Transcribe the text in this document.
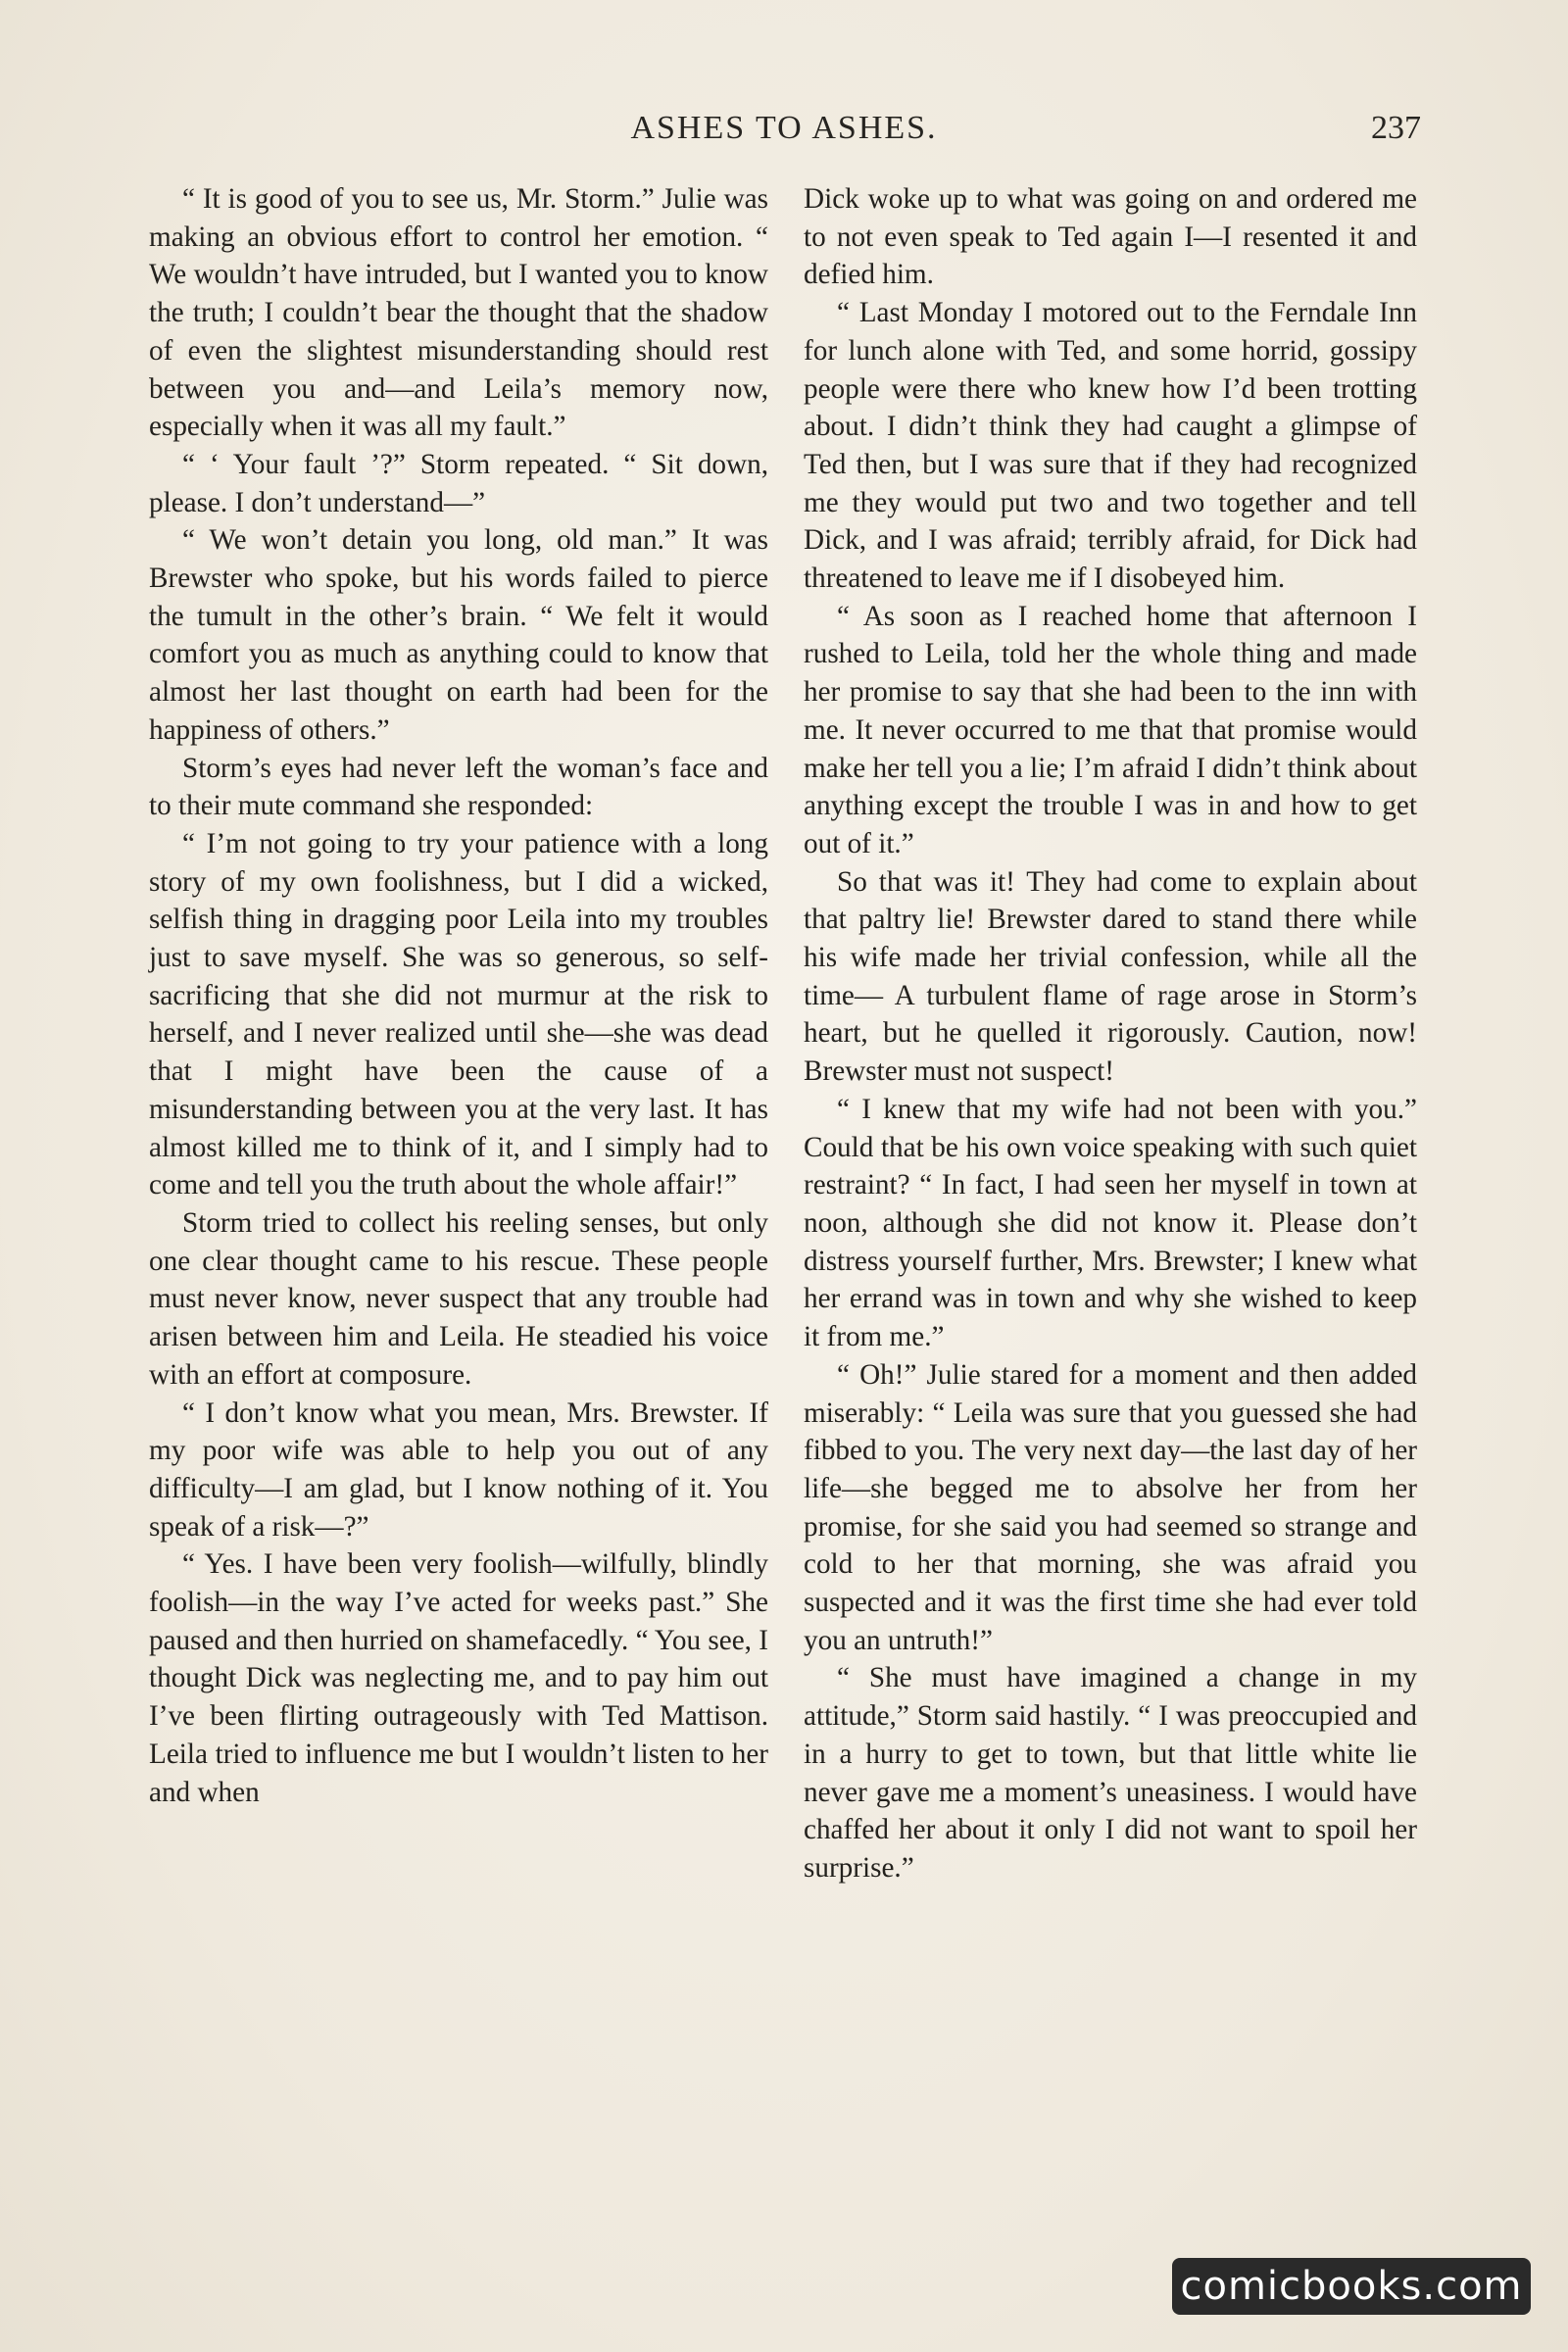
ASHES TO ASHES.	237

“ It is good of you to see us, Mr. Storm.” Julie was making an obvious effort to control her emotion. “ We wouldn’t have intruded, but I wanted you to know the truth; I couldn’t bear the thought that the shadow of even the slightest misunderstanding should rest between you and—and Leila’s memory now, especially when it was all my fault.”

“ ‘ Your fault ’?” Storm repeated. “ Sit down, please. I don’t understand—”

“ We won’t detain you long, old man.” It was Brewster who spoke, but his words failed to pierce the tumult in the other’s brain. “ We felt it would comfort you as much as anything could to know that almost her last thought on earth had been for the happiness of others.”

Storm’s eyes had never left the woman’s face and to their mute command she responded:

“ I’m not going to try your patience with a long story of my own foolishness, but I did a wicked, selfish thing in dragging poor Leila into my troubles just to save myself. She was so generous, so self-sacrificing that she did not murmur at the risk to herself, and I never realized until she—she was dead that I might have been the cause of a misunderstanding between you at the very last. It has almost killed me to think of it, and I simply had to come and tell you the truth about the whole affair!”

Storm tried to collect his reeling senses, but only one clear thought came to his rescue. These people must never know, never suspect that any trouble had arisen between him and Leila. He steadied his voice with an effort at composure.

“ I don’t know what you mean, Mrs. Brewster. If my poor wife was able to help you out of any difficulty—I am glad, but I know nothing of it. You speak of a risk—?”

“ Yes. I have been very foolish—wilfully, blindly foolish—in the way I’ve acted for weeks past.” She paused and then hurried on shamefacedly. “ You see, I thought Dick was neglecting me, and to pay him out I’ve been flirting outrageously with Ted Mattison. Leila tried to influence me but I wouldn’t listen to her and when

Dick woke up to what was going on and ordered me to not even speak to Ted again I—I resented it and defied him.

“ Last Monday I motored out to the Ferndale Inn for lunch alone with Ted, and some horrid, gossipy people were there who knew how I’d been trotting about. I didn’t think they had caught a glimpse of Ted then, but I was sure that if they had recognized me they would put two and two together and tell Dick, and I was afraid; terribly afraid, for Dick had threatened to leave me if I disobeyed him.

“ As soon as I reached home that afternoon I rushed to Leila, told her the whole thing and made her promise to say that she had been to the inn with me. It never occurred to me that that promise would make her tell you a lie; I’m afraid I didn’t think about anything except the trouble I was in and how to get out of it.”

So that was it! They had come to explain about that paltry lie! Brewster dared to stand there while his wife made her trivial confession, while all the time— A turbulent flame of rage arose in Storm’s heart, but he quelled it rigorously. Caution, now! Brewster must not suspect!

“ I knew that my wife had not been with you.” Could that be his own voice speaking with such quiet restraint? “ In fact, I had seen her myself in town at noon, although she did not know it. Please don’t distress yourself further, Mrs. Brewster; I knew what her errand was in town and why she wished to keep it from me.”

“ Oh!” Julie stared for a moment and then added miserably: “ Leila was sure that you guessed she had fibbed to you. The very next day—the last day of her life—she begged me to absolve her from her promise, for she said you had seemed so strange and cold to her that morning, she was afraid you suspected and it was the first time she had ever told you an untruth!”

“ She must have imagined a change in my attitude,” Storm said hastily. “ I was preoccupied and in a hurry to get to town, but that little white lie never gave me a moment’s uneasiness. I would have chaffed her about it only I did not want to spoil her surprise.”

comicbooks.com
